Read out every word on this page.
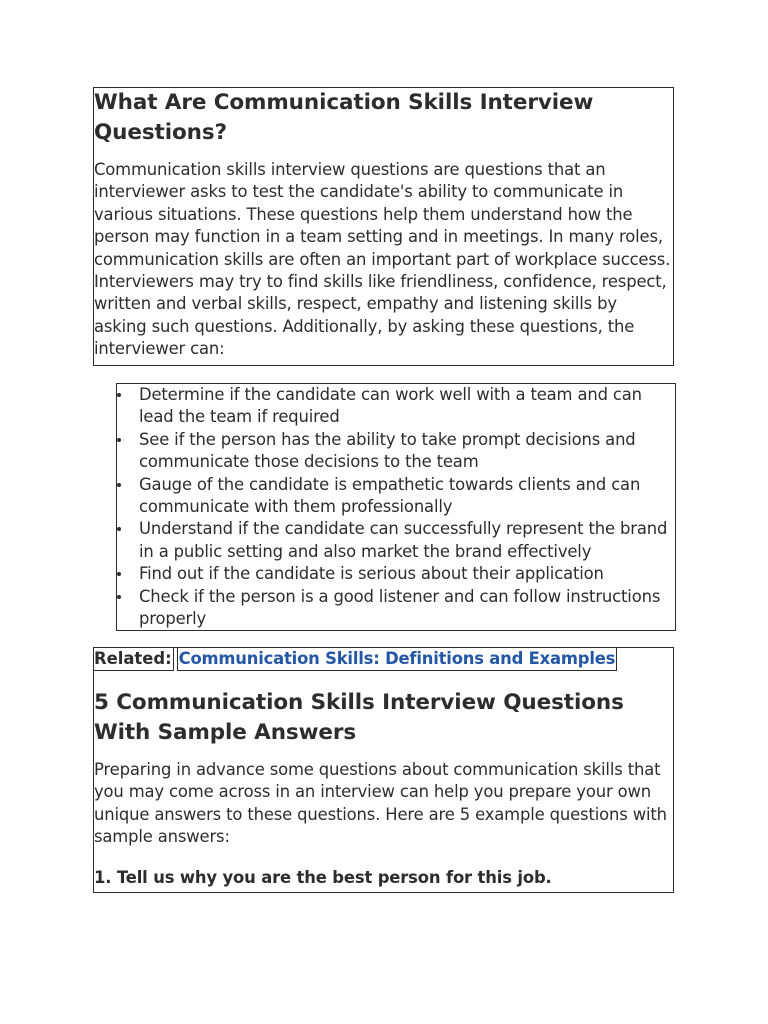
What Are Communication Skills Interview Questions?

Communication skills interview questions are questions that an interviewer asks to test the candidate's ability to communicate in various situations. These questions help them understand how the person may function in a team setting and in meetings. In many roles, communication skills are often an important part of workplace success. Interviewers may try to find skills like friendliness, confidence, respect, written and verbal skills, respect, empathy and listening skills by asking such questions. Additionally, by asking these questions, the interviewer can:

Determine if the candidate can work well with a team and can lead the team if required
See if the person has the ability to take prompt decisions and communicate those decisions to the team
Gauge of the candidate is empathetic towards clients and can communicate with them professionally
Understand if the candidate can successfully represent the brand in a public setting and also market the brand effectively
Find out if the candidate is serious about their application
Check if the person is a good listener and can follow instructions properly
Related: Communication Skills: Definitions and Examples
5 Communication Skills Interview Questions With Sample Answers

Preparing in advance some questions about communication skills that you may come across in an interview can help you prepare your own unique answers to these questions. Here are 5 example questions with sample answers:

1. Tell us why you are the best person for this job.
